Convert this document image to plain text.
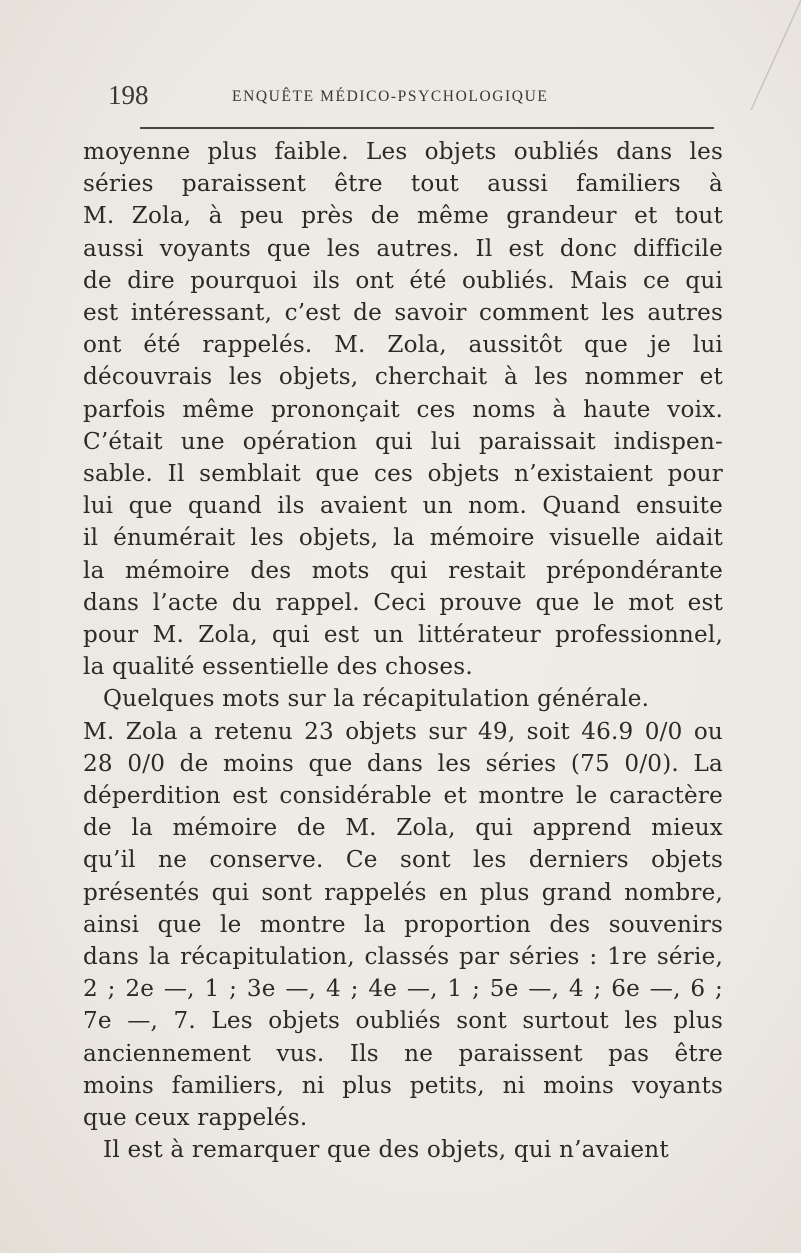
198	ENQUÊTE MÉDICO-PSYCHOLOGIQUE
moyenne plus faible. Les objets oubliés dans les
séries paraissent être tout aussi familiers à
M. Zola, à peu près de même grandeur et tout
aussi voyants que les autres. Il est donc difficile
de dire pourquoi ils ont été oubliés. Mais ce qui
est intéressant, c’est de savoir comment les autres
ont été rappelés. M. Zola, aussitôt que je lui
découvrais les objets, cherchait à les nommer et
parfois même prononçait ces noms à haute voix.
C’était une opération qui lui paraissait indispen-
sable. Il semblait que ces objets n’existaient pour
lui que quand ils avaient un nom. Quand ensuite
il énumérait les objets, la mémoire visuelle aidait
la mémoire des mots qui restait prépondérante
dans l’acte du rappel. Ceci prouve que le mot est
pour M. Zola, qui est un littérateur professionnel,
la qualité essentielle des choses.
Quelques mots sur la récapitulation générale.
M. Zola a retenu 23 objets sur 49, soit 46.9 0/0 ou
28 0/0 de moins que dans les séries (75 0/0). La
déperdition est considérable et montre le caractère
de la mémoire de M. Zola, qui apprend mieux
qu’il ne conserve. Ce sont les derniers objets
présentés qui sont rappelés en plus grand nombre,
ainsi que le montre la proportion des souvenirs
dans la récapitulation, classés par séries : 1re série,
2 ; 2e —, 1 ; 3e —, 4 ; 4e —, 1 ; 5e —, 4 ; 6e —, 6 ;
7e —, 7. Les objets oubliés sont surtout les plus
anciennement vus. Ils ne paraissent pas être
moins familiers, ni plus petits, ni moins voyants
que ceux rappelés.
Il est à remarquer que des objets, qui n’avaient
